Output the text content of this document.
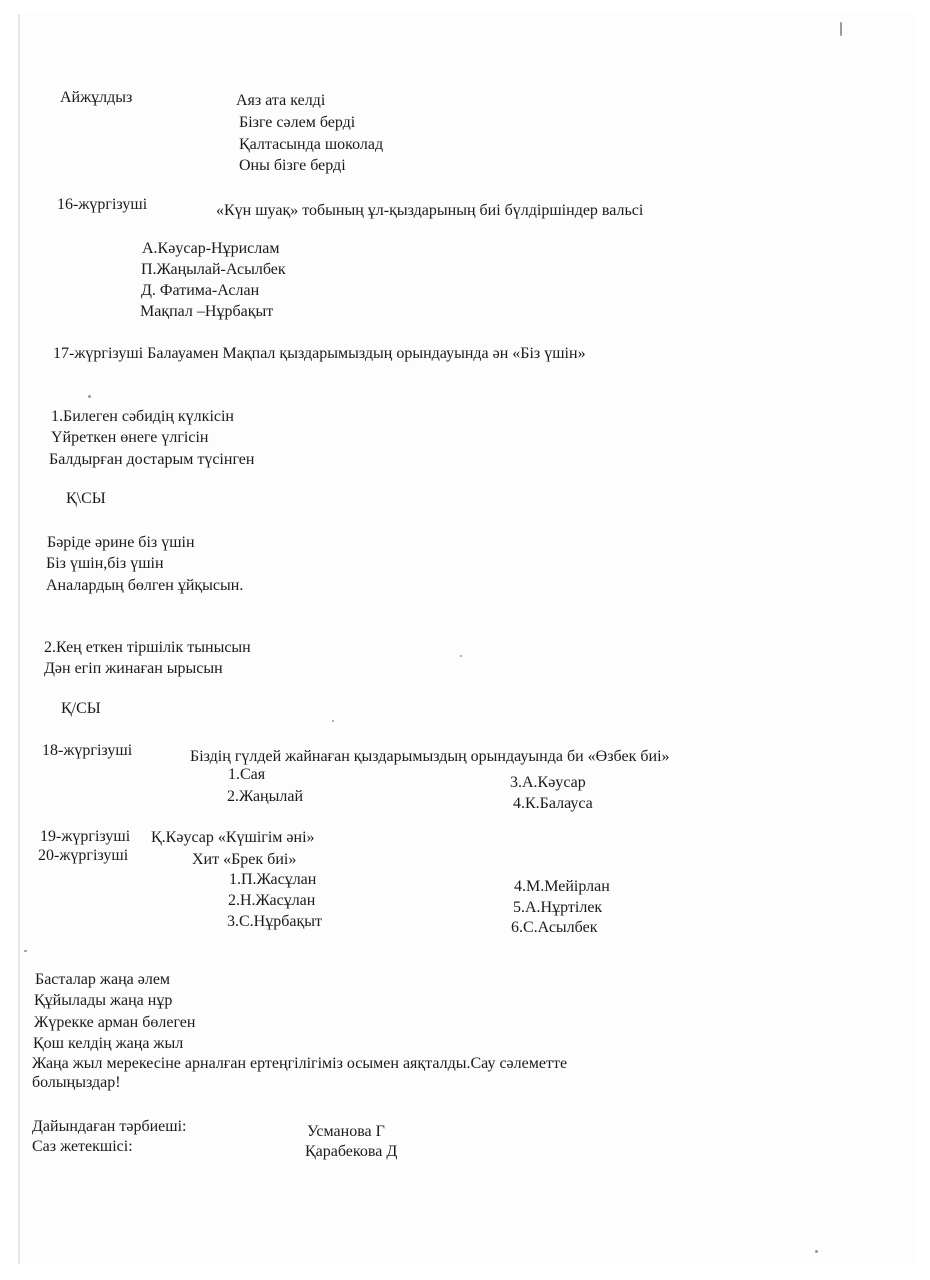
Айжұлдыз	Аяз ата келді
Бізге сәлем берді
Қалтасында шоколад
Оны бізге берді
16-жүргізуші	«Күн шуақ» тобының ұл-қыздарының биі бүлдіршіндер вальсі
А.Кәусар-Нұрислам
П.Жаңылай-Асылбек
Д. Фатима-Аслан
Мақпал –Нұрбақыт
17-жүргізуші Балауамен Мақпал қыздарымыздың орындауында ән «Біз үшін»
1.Билеген сәбидің күлкісін
Үйреткен өнеге үлгісін
Балдырған достарым түсінген
Қ\СЫ
Бәріде әрине біз үшін
Біз үшін,біз үшін
Аналардың бөлген ұйқысын.
2.Кең еткен тіршілік тынысын
Дән егіп жинаған ырысын
Қ/СЫ
18-жүргізуші	Біздің гүлдей жайнаған қыздарымыздың орындауында би «Өзбек биі»
1.Сая
2.Жаңылай
3.А.Кәусар
4.К.Балауса
19-жүргізуші Қ.Кәусар «Күшігім әні»
20-жүргізуші	Хит «Брек биі»
1.П.Жасұлан
2.Н.Жасұлан
3.С.Нұрбақыт
4.М.Мейірлан
5.А.Нұртілек
6.С.Асылбек
Басталар жаңа әлем
Құйылады жаңа нұр
Жүрекке арман бөлеген
Қош келдің жаңа жыл
Жаңа жыл мерекесіне арналған ертеңгілігіміз осымен аяқталды.Сау сәлеметте
болыңыздар!
Дайындаған тәрбиеші:	Усманова Г
Саз жетекшісі:	Қарабекова Д
